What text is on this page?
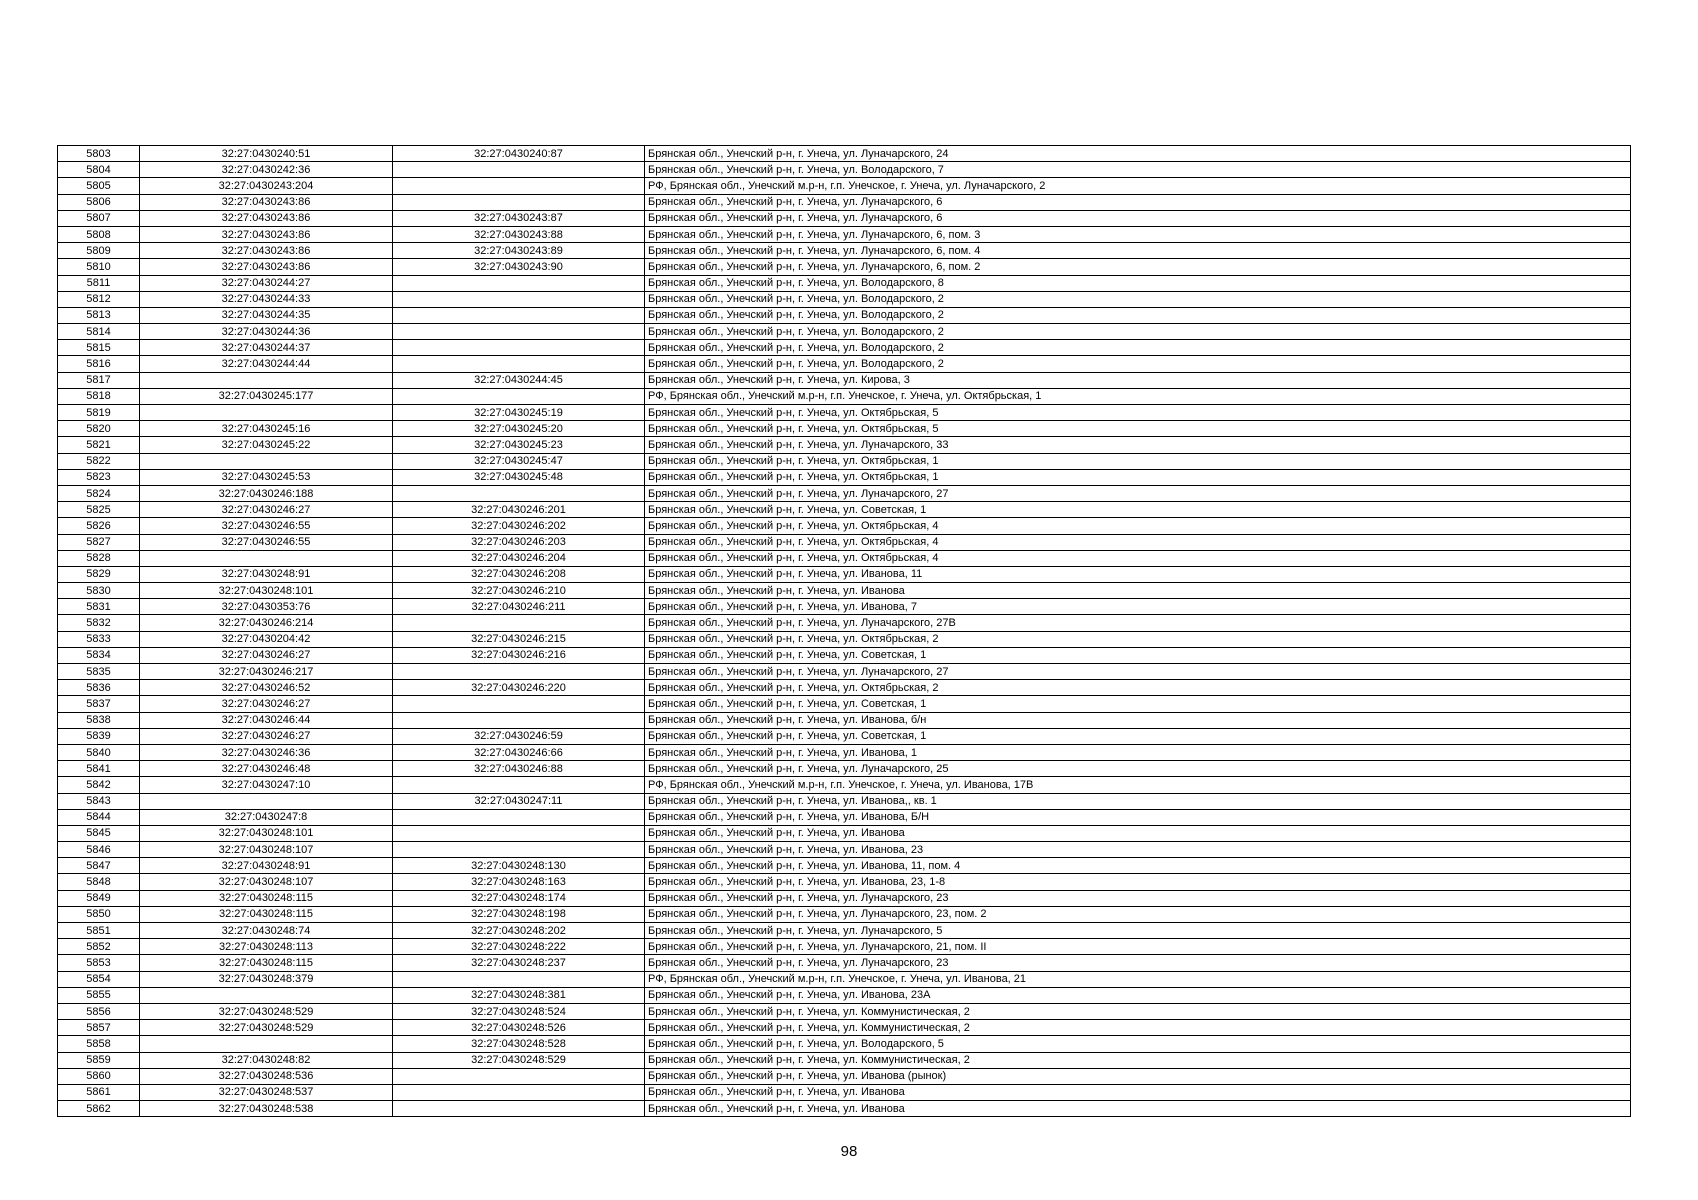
5803	32:27:0430240:51	32:27:0430240:87	Брянская обл., Унечский р-н, г. Унеча, ул. Луначарского, 24
5804	32:27:0430242:36		Брянская обл., Унечский р-н, г. Унеча, ул. Володарского, 7
5805	32:27:0430243:204		РФ, Брянская обл., Унечский м.р-н, г.п. Унечское, г. Унеча, ул. Луначарского, 2
5806	32:27:0430243:86		Брянская обл., Унечский р-н, г. Унеча, ул. Луначарского, 6
5807	32:27:0430243:86	32:27:0430243:87	Брянская обл., Унечский р-н, г. Унеча, ул. Луначарского, 6
5808	32:27:0430243:86	32:27:0430243:88	Брянская обл., Унечский р-н, г. Унеча, ул. Луначарского, 6, пом. 3
5809	32:27:0430243:86	32:27:0430243:89	Брянская обл., Унечский р-н, г. Унеча, ул. Луначарского, 6, пом. 4
5810	32:27:0430243:86	32:27:0430243:90	Брянская обл., Унечский р-н, г. Унеча, ул. Луначарского, 6, пом. 2
5811	32:27:0430244:27		Брянская обл., Унечский р-н, г. Унеча, ул. Володарского, 8
5812	32:27:0430244:33		Брянская обл., Унечский р-н, г. Унеча, ул. Володарского, 2
5813	32:27:0430244:35		Брянская обл., Унечский р-н, г. Унеча, ул. Володарского, 2
5814	32:27:0430244:36		Брянская обл., Унечский р-н, г. Унеча, ул. Володарского, 2
5815	32:27:0430244:37		Брянская обл., Унечский р-н, г. Унеча, ул. Володарского, 2
5816	32:27:0430244:44		Брянская обл., Унечский р-н, г. Унеча, ул. Володарского, 2
5817		32:27:0430244:45	Брянская обл., Унечский р-н, г. Унеча, ул. Кирова, 3
5818	32:27:0430245:177		РФ, Брянская обл., Унечский м.р-н, г.п. Унечское, г. Унеча, ул. Октябрьская, 1
5819		32:27:0430245:19	Брянская обл., Унечский р-н, г. Унеча, ул. Октябрьская, 5
5820	32:27:0430245:16	32:27:0430245:20	Брянская обл., Унечский р-н, г. Унеча, ул. Октябрьская, 5
5821	32:27:0430245:22	32:27:0430245:23	Брянская обл., Унечский р-н, г. Унеча, ул. Луначарского, 33
5822		32:27:0430245:47	Брянская обл., Унечский р-н, г. Унеча, ул. Октябрьская, 1
5823	32:27:0430245:53	32:27:0430245:48	Брянская обл., Унечский р-н, г. Унеча, ул. Октябрьская, 1
5824	32:27:0430246:188		Брянская обл., Унечский р-н, г. Унеча, ул. Луначарского, 27
5825	32:27:0430246:27	32:27:0430246:201	Брянская обл., Унечский р-н, г. Унеча, ул. Советская, 1
5826	32:27:0430246:55	32:27:0430246:202	Брянская обл., Унечский р-н, г. Унеча, ул. Октябрьская, 4
5827	32:27:0430246:55	32:27:0430246:203	Брянская обл., Унечский р-н, г. Унеча, ул. Октябрьская, 4
5828		32:27:0430246:204	Брянская обл., Унечский р-н, г. Унеча, ул. Октябрьская, 4
5829	32:27:0430248:91	32:27:0430246:208	Брянская обл., Унечский р-н, г. Унеча, ул. Иванова, 11
5830	32:27:0430248:101	32:27:0430246:210	Брянская обл., Унечский р-н, г. Унеча, ул. Иванова
5831	32:27:0430353:76	32:27:0430246:211	Брянская обл., Унечский р-н, г. Унеча, ул. Иванова, 7
5832	32:27:0430246:214		Брянская обл., Унечский р-н, г. Унеча, ул. Луначарского, 27В
5833	32:27:0430204:42	32:27:0430246:215	Брянская обл., Унечский р-н, г. Унеча, ул. Октябрьская, 2
5834	32:27:0430246:27	32:27:0430246:216	Брянская обл., Унечский р-н, г. Унеча, ул. Советская, 1
5835	32:27:0430246:217		Брянская обл., Унечский р-н, г. Унеча, ул. Луначарского, 27
5836	32:27:0430246:52	32:27:0430246:220	Брянская обл., Унечский р-н, г. Унеча, ул. Октябрьская, 2
5837	32:27:0430246:27		Брянская обл., Унечский р-н, г. Унеча, ул. Советская, 1
5838	32:27:0430246:44		Брянская обл., Унечский р-н, г. Унеча, ул. Иванова, б/н
5839	32:27:0430246:27	32:27:0430246:59	Брянская обл., Унечский р-н, г. Унеча, ул. Советская, 1
5840	32:27:0430246:36	32:27:0430246:66	Брянская обл., Унечский р-н, г. Унеча, ул. Иванова, 1
5841	32:27:0430246:48	32:27:0430246:88	Брянская обл., Унечский р-н, г. Унеча, ул. Луначарского, 25
5842	32:27:0430247:10		РФ, Брянская обл., Унечский м.р-н, г.п. Унечское, г. Унеча, ул. Иванова, 17В
5843		32:27:0430247:11	Брянская обл., Унечский р-н, г. Унеча, ул. Иванова,, кв. 1
5844	32:27:0430247:8		Брянская обл., Унечский р-н, г. Унеча, ул. Иванова, Б/Н
5845	32:27:0430248:101		Брянская обл., Унечский р-н, г. Унеча, ул. Иванова
5846	32:27:0430248:107		Брянская обл., Унечский р-н, г. Унеча, ул. Иванова, 23
5847	32:27:0430248:91	32:27:0430248:130	Брянская обл., Унечский р-н, г. Унеча, ул. Иванова, 11, пом. 4
5848	32:27:0430248:107	32:27:0430248:163	Брянская обл., Унечский р-н, г. Унеча, ул. Иванова, 23, 1-8
5849	32:27:0430248:115	32:27:0430248:174	Брянская обл., Унечский р-н, г. Унеча, ул. Луначарского, 23
5850	32:27:0430248:115	32:27:0430248:198	Брянская обл., Унечский р-н, г. Унеча, ул. Луначарского, 23, пом. 2
5851	32:27:0430248:74	32:27:0430248:202	Брянская обл., Унечский р-н, г. Унеча, ул. Луначарского, 5
5852	32:27:0430248:113	32:27:0430248:222	Брянская обл., Унечский р-н, г. Унеча, ул. Луначарского, 21, пом. II
5853	32:27:0430248:115	32:27:0430248:237	Брянская обл., Унечский р-н, г. Унеча, ул. Луначарского, 23
5854	32:27:0430248:379		РФ, Брянская обл., Унечский м.р-н, г.п. Унечское, г. Унеча, ул. Иванова, 21
5855		32:27:0430248:381	Брянская обл., Унечский р-н, г. Унеча, ул. Иванова, 23А
5856	32:27:0430248:529	32:27:0430248:524	Брянская обл., Унечский р-н, г. Унеча, ул. Коммунистическая, 2
5857	32:27:0430248:529	32:27:0430248:526	Брянская обл., Унечский р-н, г. Унеча, ул. Коммунистическая, 2
5858		32:27:0430248:528	Брянская обл., Унечский р-н, г. Унеча, ул. Володарского, 5
5859	32:27:0430248:82	32:27:0430248:529	Брянская обл., Унечский р-н, г. Унеча, ул. Коммунистическая, 2
5860	32:27:0430248:536		Брянская обл., Унечский р-н, г. Унеча, ул. Иванова (рынок)
5861	32:27:0430248:537		Брянская обл., Унечский р-н, г. Унеча, ул. Иванова
5862	32:27:0430248:538		Брянская обл., Унечский р-н, г. Унеча, ул. Иванова
98
